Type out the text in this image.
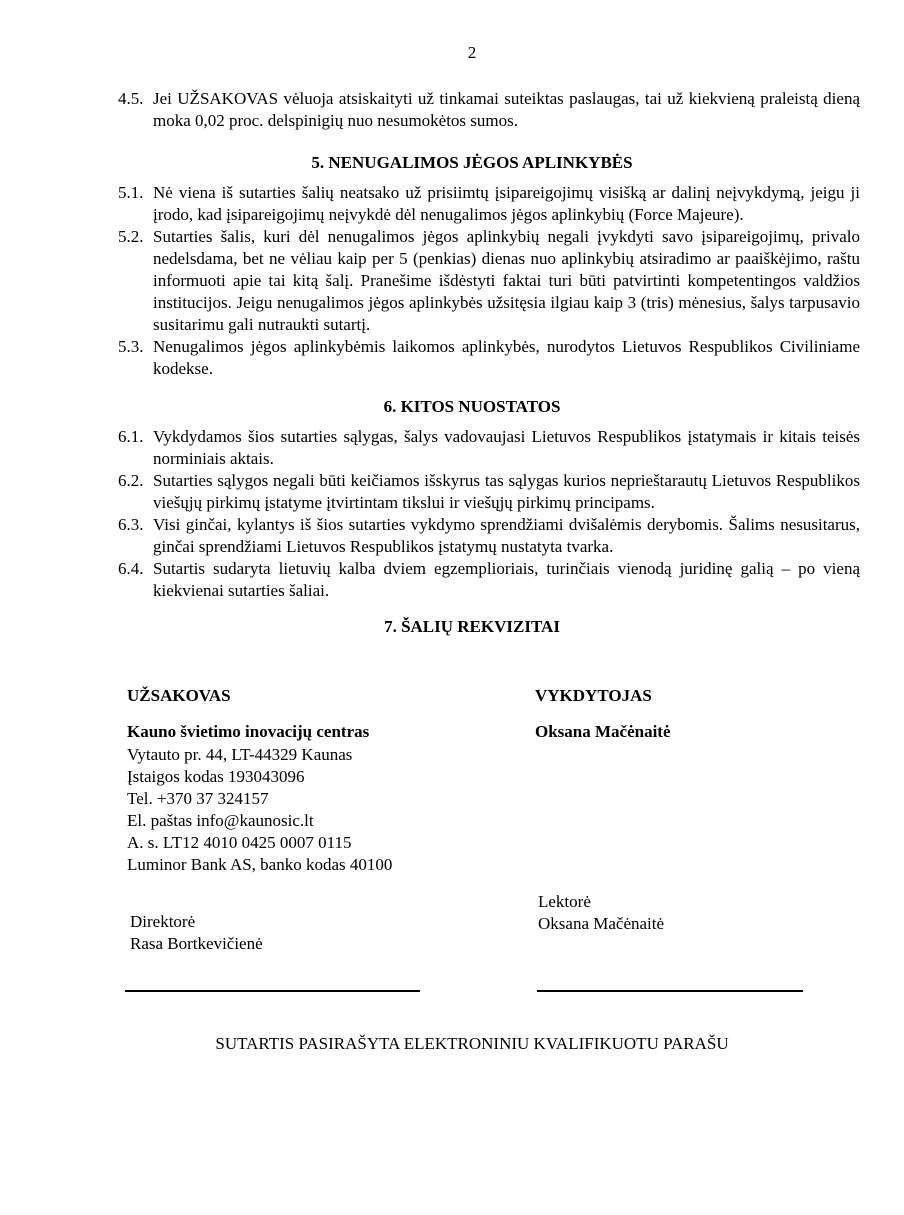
2
4.5. Jei UŽSAKOVAS vėluoja atsiskaityti už tinkamai suteiktas paslaugas, tai už kiekvieną praleistą dieną moka 0,02 proc. delspinigių nuo nesumokėtos sumos.
5. NENUGALIMOS JĖGOS APLINKYBĖS
5.1. Nė viena iš sutarties šalių neatsako už prisiimtų įsipareigojimų visišką ar dalinį neįvykdymą, jeigu ji įrodo, kad įsipareigojimų neįvykdė dėl nenugalimos jėgos aplinkybių (Force Majeure).
5.2. Sutarties šalis, kuri dėl nenugalimos jėgos aplinkybių negali įvykdyti savo įsipareigojimų, privalo nedelsdama, bet ne vėliau kaip per 5 (penkias) dienas nuo aplinkybių atsiradimo ar paaiškėjimo, raštu informuoti apie tai kitą šalį. Pranešime išdėstyti faktai turi būti patvirtinti kompetentingos valdžios institucijos. Jeigu nenugalimos jėgos aplinkybės užsitęsia ilgiau kaip 3 (tris) mėnesius, šalys tarpusavio susitarimu gali nutraukti sutartį.
5.3. Nenugalimos jėgos aplinkybėmis laikomos aplinkybės, nurodytos Lietuvos Respublikos Civiliniame kodekse.
6. KITOS NUOSTATOS
6.1. Vykdydamos šios sutarties sąlygas, šalys vadovaujasi Lietuvos Respublikos įstatymais ir kitais teisės norminiais aktais.
6.2. Sutarties sąlygos negali būti keičiamos išskyrus tas sąlygas kurios neprieštarautų Lietuvos Respublikos viešųjų pirkimų įstatyme įtvirtintam tikslui ir viešųjų pirkimų principams.
6.3. Visi ginčai, kylantys iš šios sutarties vykdymo sprendžiami dvišalėmis derybomis. Šalims nesusitarus, ginčai sprendžiami Lietuvos Respublikos įstatymų nustatyta tvarka.
6.4. Sutartis sudaryta lietuvių kalba dviem egzemplioriais, turinčiais vienodą juridinę galią – po vieną kiekvienai sutarties šaliai.
7. ŠALIŲ REKVIZITAI
UŽSAKOVAS	VYKDYTOJAS
Kauno švietimo inovacijų centras	Oksana Mačėnaitė
Vytauto pr. 44, LT-44329 Kaunas
Įstaigos kodas 193043096
Tel. +370 37 324157
El. paštas info@kaunosic.lt
A. s. LT12 4010 0425 0007 0115
Luminor Bank AS, banko kodas 40100
Lektorė
Oksana Mačėnaitė
Direktorė
Rasa Bortkevičienė
SUTARTIS PASIRAŠYTA ELEKTRONINIU KVALIFIKUOTU PARAŠU
